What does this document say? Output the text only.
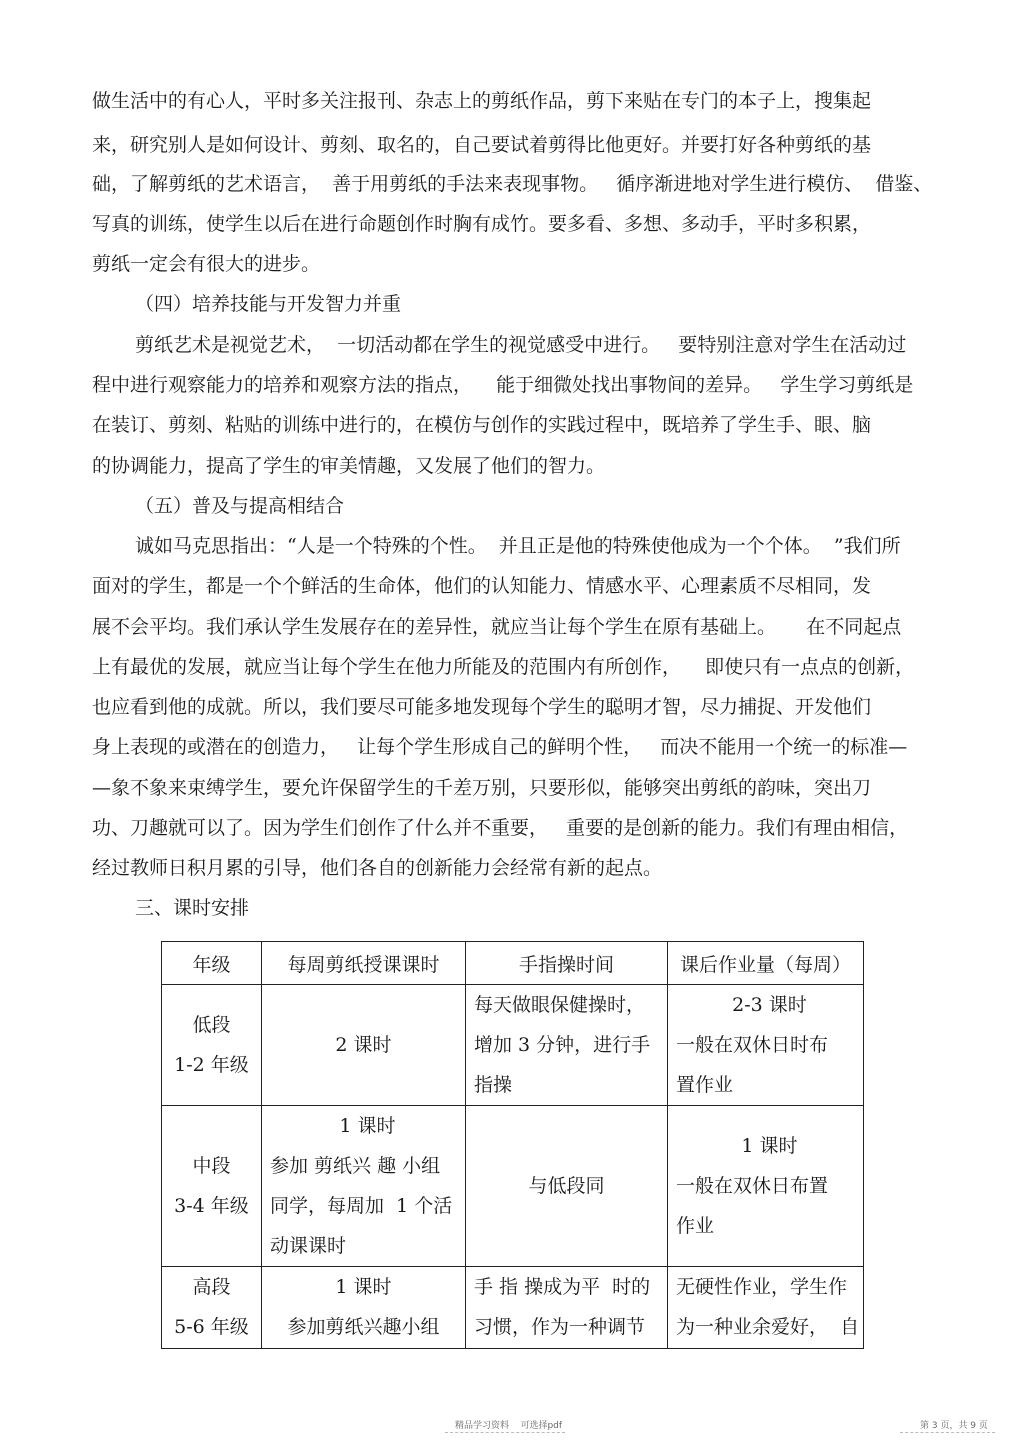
做生活中的有心人，平时多关注报刊、杂志上的剪纸作品，剪下来贴在专门的本子上，搜集起
来，研究别人是如何设计、剪刻、取名的，自己要试着剪得比他更好。并要打好各种剪纸的基
础，了解剪纸的艺术语言，  善于用剪纸的手法来表现事物。   循序渐进地对学生进行模仿、  借鉴、
写真的训练，使学生以后在进行命题创作时胸有成竹。要多看、多想、多动手，平时多积累，
剪纸一定会有很大的进步。
（四）培养技能与开发智力并重
剪纸艺术是视觉艺术，  一切活动都在学生的视觉感受中进行。   要特别注意对学生在活动过
程中进行观察能力的培养和观察方法的指点，    能于细微处找出事物间的差异。   学生学习剪纸是
在装订、剪刻、粘贴的训练中进行的，在模仿与创作的实践过程中，既培养了学生手、眼、脑
的协调能力，提高了学生的审美情趣，又发展了他们的智力。
（五）普及与提高相结合
诚如马克思指出：“人是一个特殊的个性。  并且正是他的特殊使他成为一个个体。  ”我们所
面对的学生，都是一个个鲜活的生命体，他们的认知能力、情感水平、心理素质不尽相同，发
展不会平均。我们承认学生发展存在的差异性，就应当让每个学生在原有基础上。     在不同起点
上有最优的发展，就应当让每个学生在他力所能及的范围内有所创作，    即使只有一点点的创新，
也应看到他的成就。所以，我们要尽可能多地发现每个学生的聪明才智，尽力捕捉、开发他们
身上表现的或潜在的创造力，   让每个学生形成自己的鲜明个性，   而决不能用一个统一的标准—
—象不象来束缚学生，要允许保留学生的千差万别，只要形似，能够突出剪纸的韵味，突出刀
功、刀趣就可以了。因为学生们创作了什么并不重要，   重要的是创新的能力。我们有理由相信，
经过教师日积月累的引导，他们各自的创新能力会经常有新的起点。
三、课时安排
年级	每周剪纸授课课时	手指操时间	课后作业量（每周）

低段
1-2 年级	2 课时	每天做眼保健操时，
增加 3 分钟，进行手
指操	2-3 课时
一般在双休日时布
置作业

中段
3-4 年级	1 课时
参加 剪纸兴 趣 小组
同学，每周加  1 个活
动课课时	与低段同	1 课时
一般在双休日布置
作业

高段
5-6 年级	1 课时
参加剪纸兴趣小组	手 指 操成为平  时的
习惯，作为一种调节	无硬性作业，学生作
为一种业余爱好，  自
精品学习资料    可选择pdf	第 3 页，共 9 页
